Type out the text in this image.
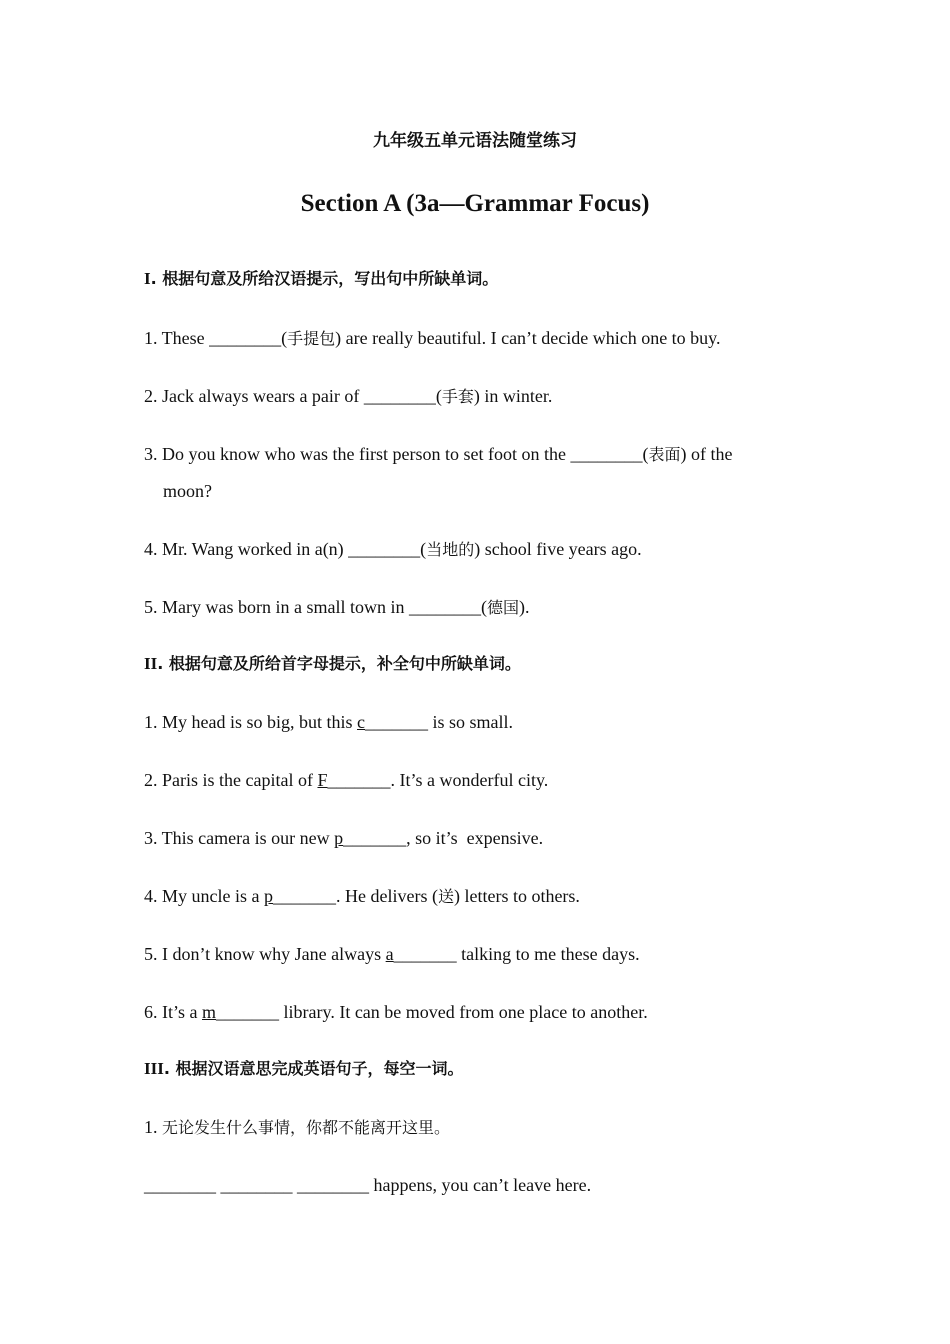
九年级五单元语法随堂练习
Section A (3a—Grammar Focus)
I. 根据句意及所给汉语提示，写出句中所缺单词。
1. These ________(手提包) are really beautiful. I can’t decide which one to buy.
2. Jack always wears a pair of ________(手套) in winter.
3. Do you know who was the first person to set foot on the ________(表面) of the
moon?
4. Mr. Wang worked in a(n) ________(当地的) school five years ago.
5. Mary was born in a small town in ________(德国).
II. 根据句意及所给首字母提示，补全句中所缺单词。
1. My head is so big, but this c_______ is so small.
2. Paris is the capital of F_______. It’s a wonderful city.
3. This camera is our new p_______, so it’s  expensive.
4. My uncle is a p_______. He delivers (送) letters to others.
5. I don’t know why Jane always a_______ talking to me these days.
6. It’s a m_______ library. It can be moved from one place to another.
III. 根据汉语意思完成英语句子，每空一词。
1. 无论发生什么事情，你都不能离开这里。
________ ________ ________ happens, you can’t leave here.
